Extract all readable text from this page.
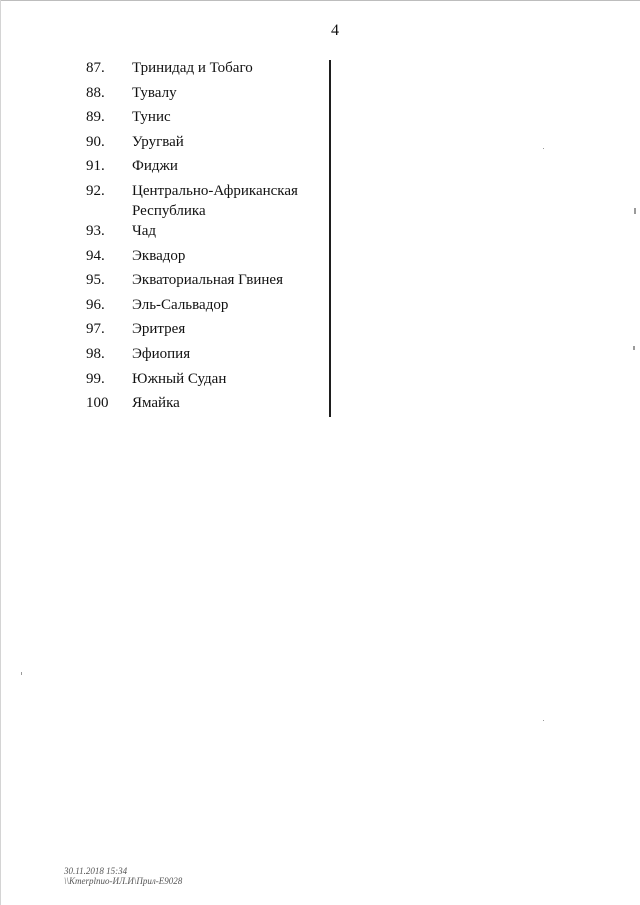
4
87.	Тринидад и Тобаго
88.	Тувалу
89.	Тунис
90.	Уругвай
91.	Фиджи
92.	Центрально-Африканская Республика
93.	Чад
94.	Эквадор
95.	Экваториальная Гвинея
96.	Эль-Сальвадор
97.	Эритрея
98.	Эфиопия
99.	Южный Судан
100	Ямайка
30.11.2018 15:34
\\Kmerplnuo-ИЛ.И\Прил-Е9028
